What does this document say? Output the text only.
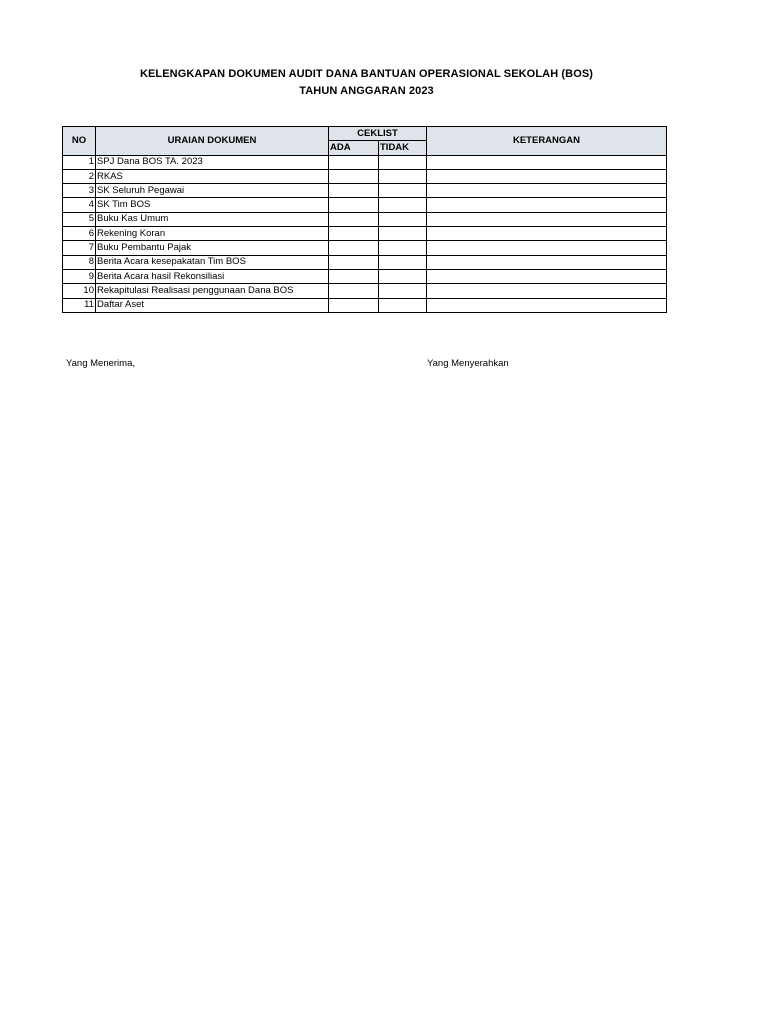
KELENGKAPAN DOKUMEN AUDIT DANA BANTUAN OPERASIONAL SEKOLAH (BOS)
TAHUN ANGGARAN 2023
NO	URAIAN DOKUMEN	CEKLIST		KETERANGAN
		ADA	TIDAK	
1	SPJ Dana BOS TA. 2023			
2	RKAS			
3	SK Seluruh Pegawai			
4	SK Tim BOS			
5	Buku Kas Umum			
6	Rekening Koran			
7	Buku Pembantu Pajak			
8	Berita Acara kesepakatan Tim BOS			
9	Berita Acara hasil Rekonsiliasi			
10	Rekapitulasi Realisasi penggunaan Dana BOS			
11	Daftar Aset			
Yang Menerima,	Yang Menyerahkan
